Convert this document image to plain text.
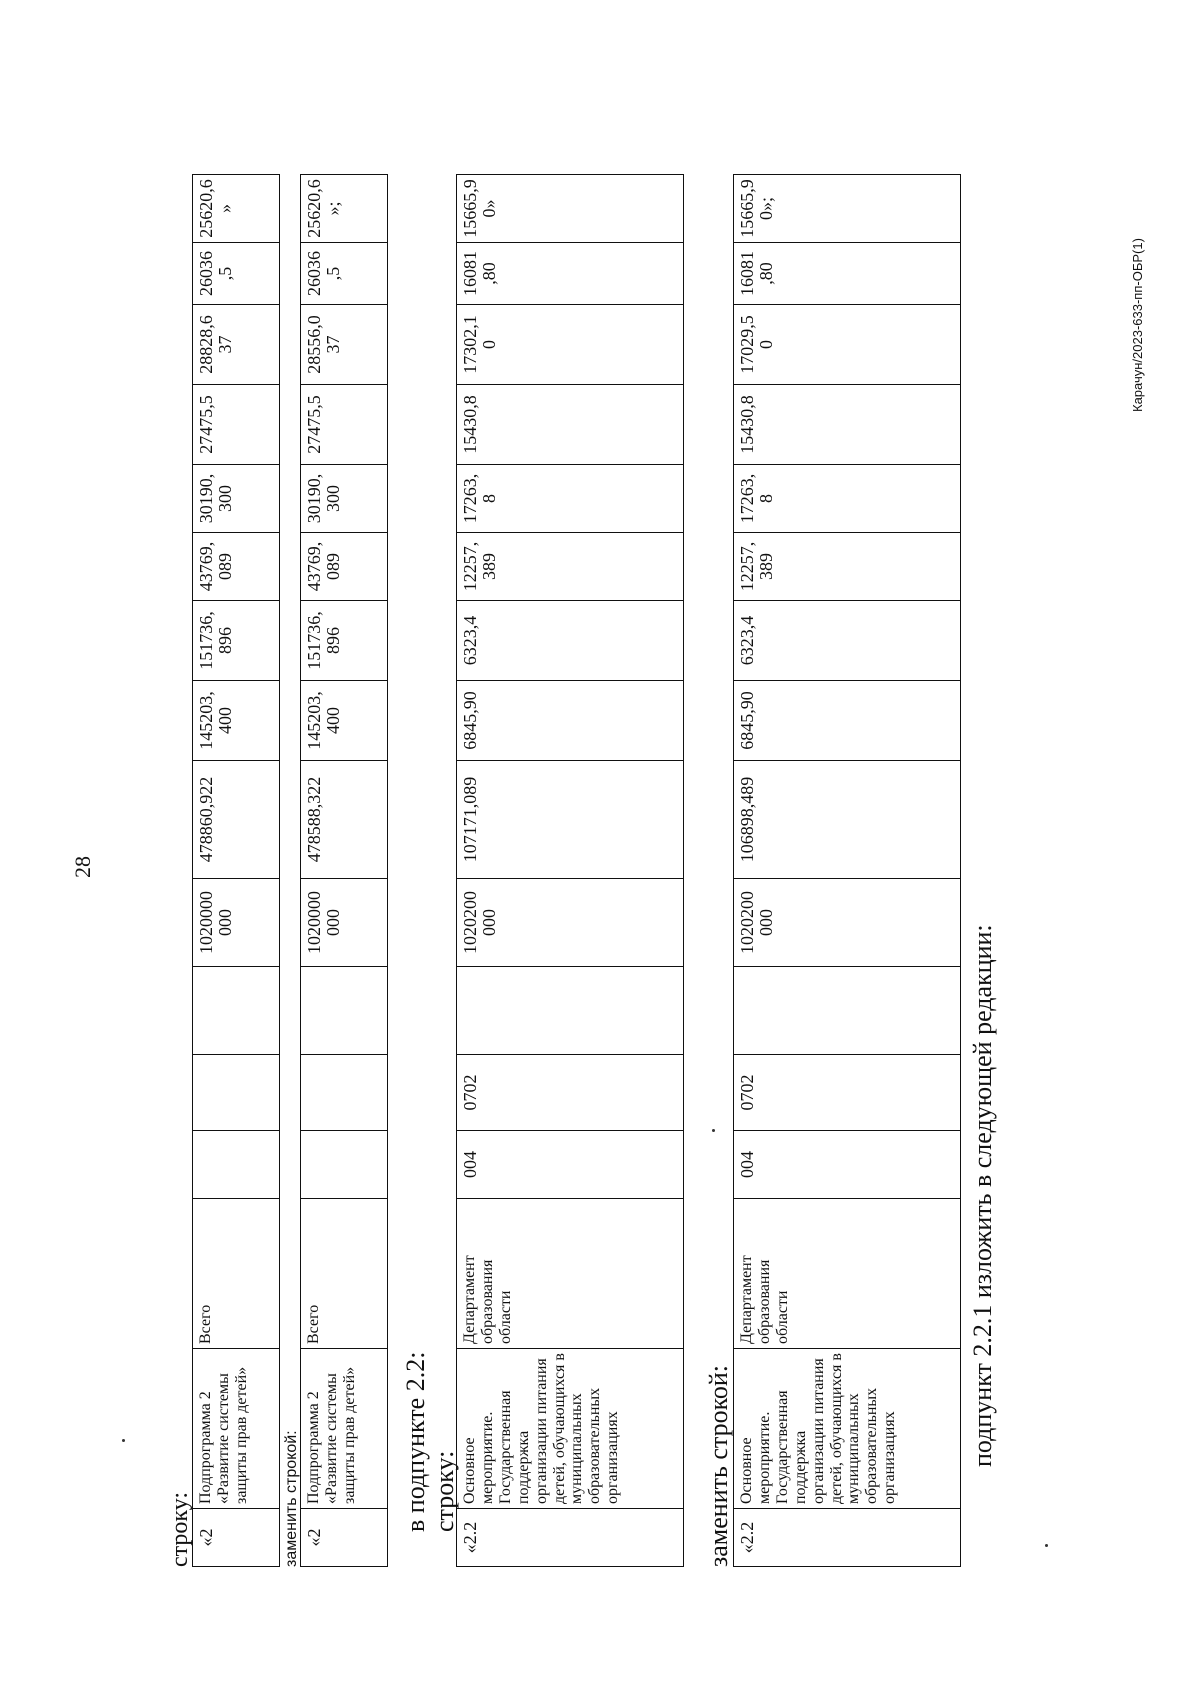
28
строку: «2	Подпрограмма 2 «Развитие системы защиты прав детей»	Всего				1020000 000	478860,922	145203, 400	151736, 896	43769, 089	30190, 300	27475,5	28828,6 37	26036 ,5	25620,6 »
заменить строкой: «2	Подпрограмма 2 «Развитие системы защиты прав детей»	Всего				1020000 000	478588,322	145203, 400	151736, 896	43769, 089	30190, 300	27475,5	28556,0 37	26036 ,5	25620,6 »;
в подпункте 2.2: строку:
«2.2	Основное мероприятие. Государственная поддержка организации питания детей, обучающихся в муниципальных образовательных организациях	Департамент образования области	004	0702		1020200 000	107171,089	6845,90	6323,4	12257, 389	17263, 8	15430,8	17302,1 0	16081 ,80	15665,9 0»
заменить строкой: «2.2	Основное мероприятие. Государственная поддержка организации питания детей, обучающихся в муниципальных образовательных организациях	Департамент образования области	004	0702		1020200 000	106898,489	6845,90	6323,4	12257, 389	17263, 8	15430,8	17029,5 0	16081 ,80	15665,9 0»;
подпункт 2.2.1 изложить в следующей редакции:
Карачун/2023-633-пп-ОБР(1)
